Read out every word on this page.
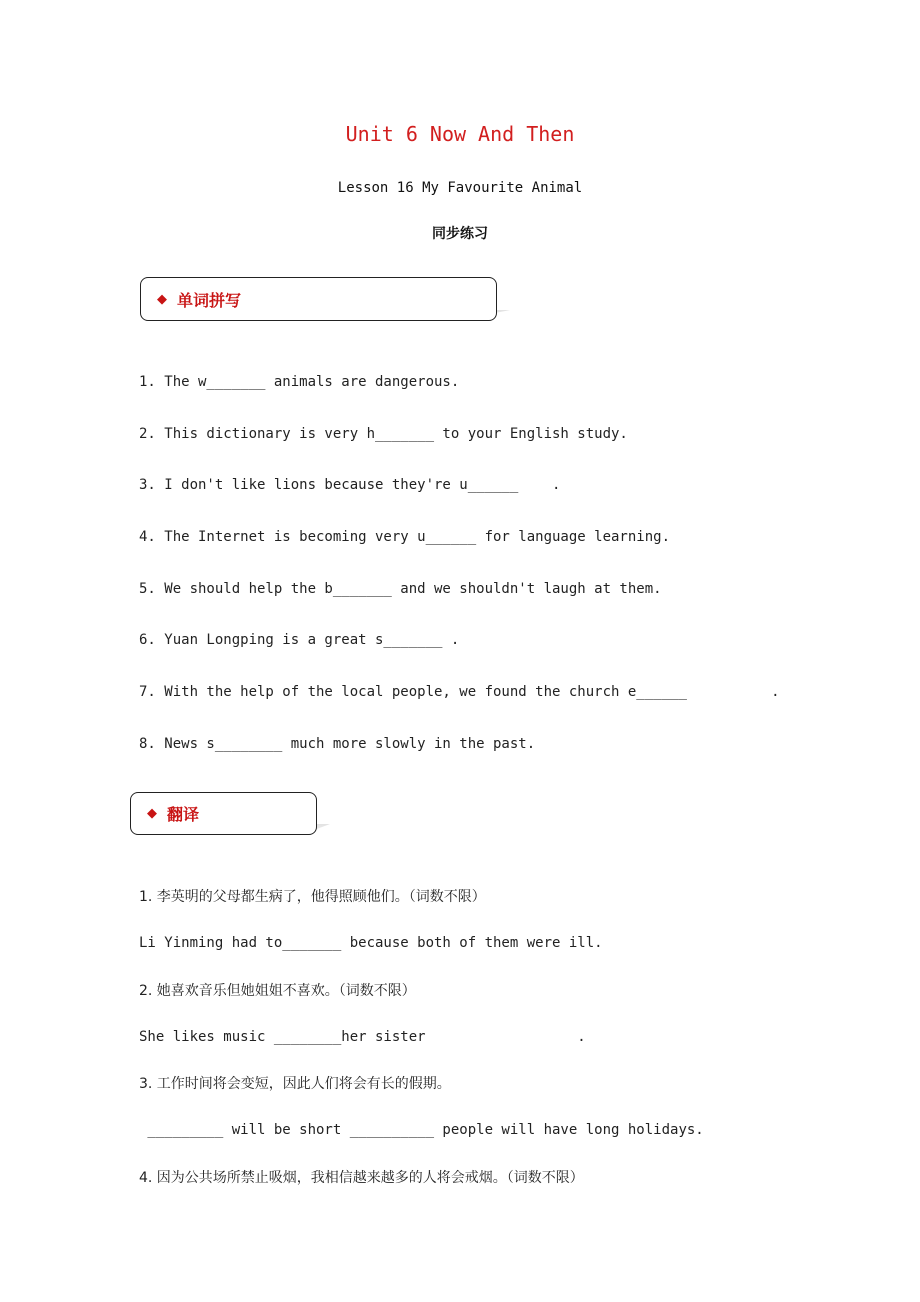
Unit 6 Now And Then
Lesson 16 My Favourite Animal
同步练习
◆ 单词拼写
1. The w_______ animals are dangerous.
2. This dictionary is very h_______ to your English study.
3. I don't like lions because they're u______    .
4. The Internet is becoming very u______ for language learning.
5. We should help the b_______ and we shouldn't laugh at them.
6. Yuan Longping is a great s_______ .
7. With the help of the local people, we found the church e______          .
8. News s________ much more slowly in the past.
◆ 翻译
1. 李英明的父母都生病了，他得照顾他们。（词数不限）
Li Yinming had to_______ because both of them were ill.
2. 她喜欢音乐但她姐姐不喜欢。（词数不限）
She likes music ________her sister                  .
3. 工作时间将会变短，因此人们将会有长的假期。
_________ will be short __________ people will have long holidays.
4. 因为公共场所禁止吸烟，我相信越来越多的人将会戒烟。（词数不限）
